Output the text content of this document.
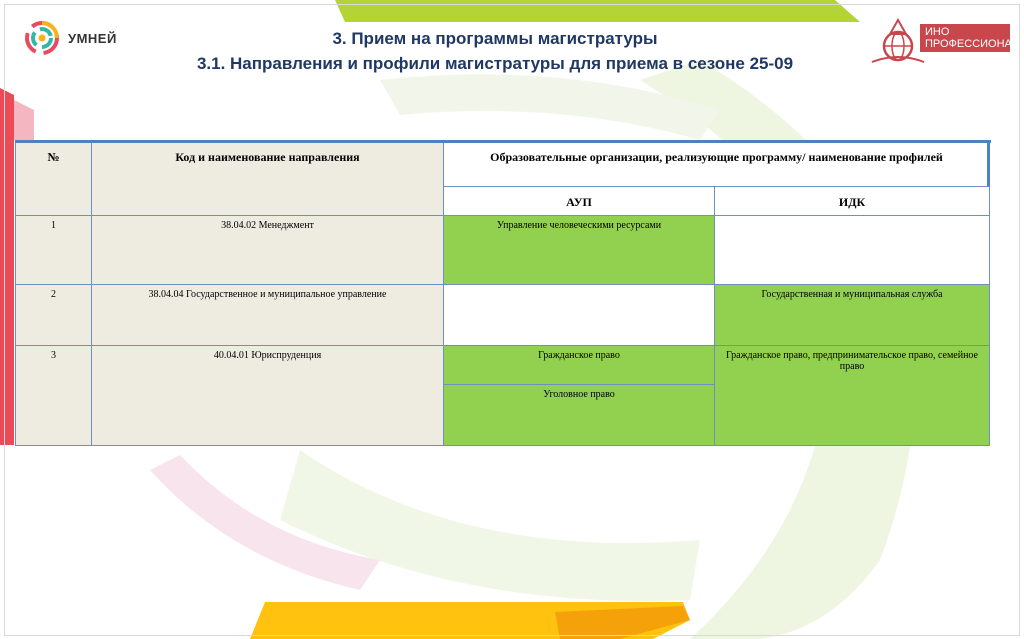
УМНЕЙ	ИНО
ПРОФЕССИОНАЛ
3. Прием на программы магистратуры
3.1. Направления и профили магистратуры для приема в сезоне 25-09
№	Код и наименование направления	Образовательные организации, реализующие программу/ наименование профилей	
		АУП	ИДК
1	38.04.02 Менеджмент	Управление человеческими ресурсами	
2	38.04.04 Государственное и муниципальное управление		Государственная и муниципальная служба
3	40.04.01 Юриспруденция	Гражданское право	Гражданское право, предпринимательское право, семейное право
		Уголовное право	
